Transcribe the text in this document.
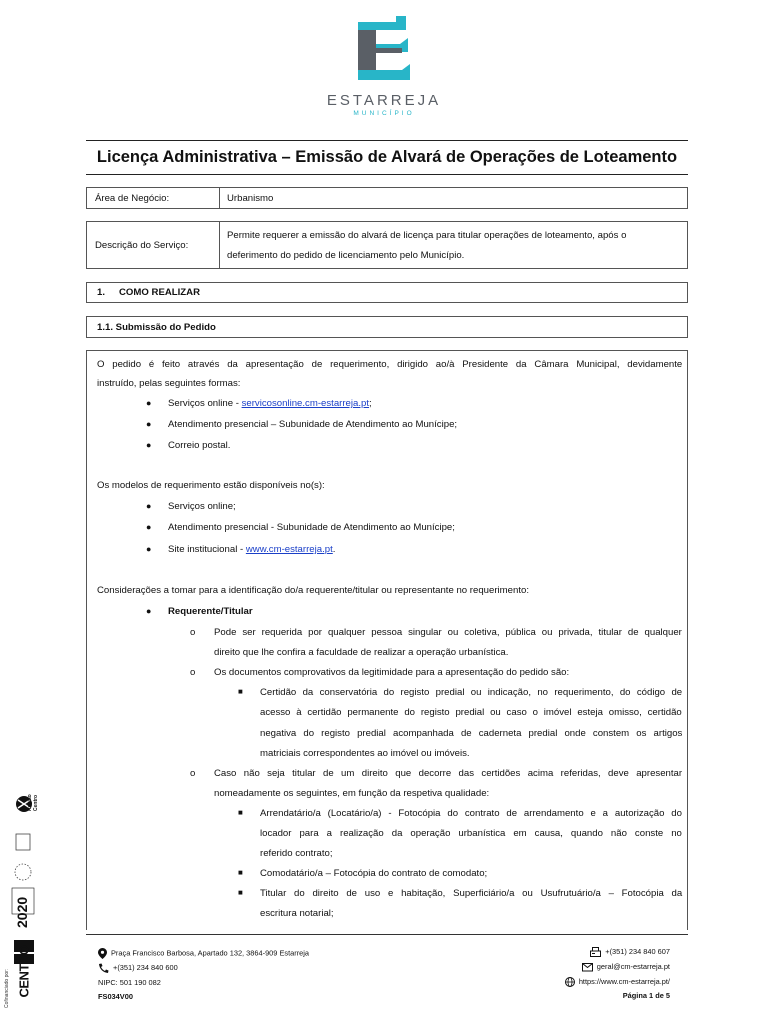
ESTARREJA
MUNICÍPIO
Licença Administrativa – Emissão de Alvará de Operações de Loteamento
Área de Negócio:	Urbanismo
Descrição do Serviço:
Permite requerer a emissão do alvará de licença para titular operações de loteamento, após o
deferimento do pedido de licenciamento pelo Município.
1.	COMO REALIZAR
1.1. Submissão do Pedido
O pedido é feito através da apresentação de requerimento, dirigido ao/à Presidente da Câmara Municipal, devidamente
instruído, pelas seguintes formas:
● Serviços online - servicosonline.cm-estarreja.pt;
● Atendimento presencial – Subunidade de Atendimento ao Munícipe;
● Correio postal.
Os modelos de requerimento estão disponíveis no(s):
● Serviços online;
● Atendimento presencial - Subunidade de Atendimento ao Munícipe;
● Site institucional - www.cm-estarreja.pt.
Considerações a tomar para a identificação do/a requerente/titular ou representante no requerimento:
● Requerente/Titular
o Pode ser requerida por qualquer pessoa singular ou coletiva, pública ou privada, titular de qualquer
direito que lhe confira a faculdade de realizar a operação urbanística.
o Os documentos comprovativos da legitimidade para a apresentação do pedido são:
■ Certidão da conservatória do registo predial ou indicação, no requerimento, do código de
acesso à certidão permanente do registo predial ou caso o imóvel esteja omisso, certidão
negativa do registo predial acompanhada de caderneta predial onde constem os artigos
matriciais correspondentes ao imóvel ou imóveis.
o Caso não seja titular de um direito que decorre das certidões acima referidas, deve apresentar
nomeadamente os seguintes, em função da respetiva qualidade:
■ Arrendatário/a (Locatário/a) - Fotocópia do contrato de arrendamento e a autorização do
locador para a realização da operação urbanística em causa, quando não conste no
referido contrato;
■ Comodatário/a – Fotocópia do contrato de comodato;
■ Titular do direito de uso e habitação, Superficiário/a ou Usufrutuário/a – Fotocópia da
escritura notarial;
Praça Francisco Barbosa, Apartado 132, 3864-909 Estarreja
+(351) 234 840 600
NIPC: 501 190 082
FS034V00
+(351) 234 840 607
geral@cm-estarreja.pt
https://www.cm-estarreja.pt/
Página 1 de 5
Cofinanciado por: CENTRO
2020
Região Centro
